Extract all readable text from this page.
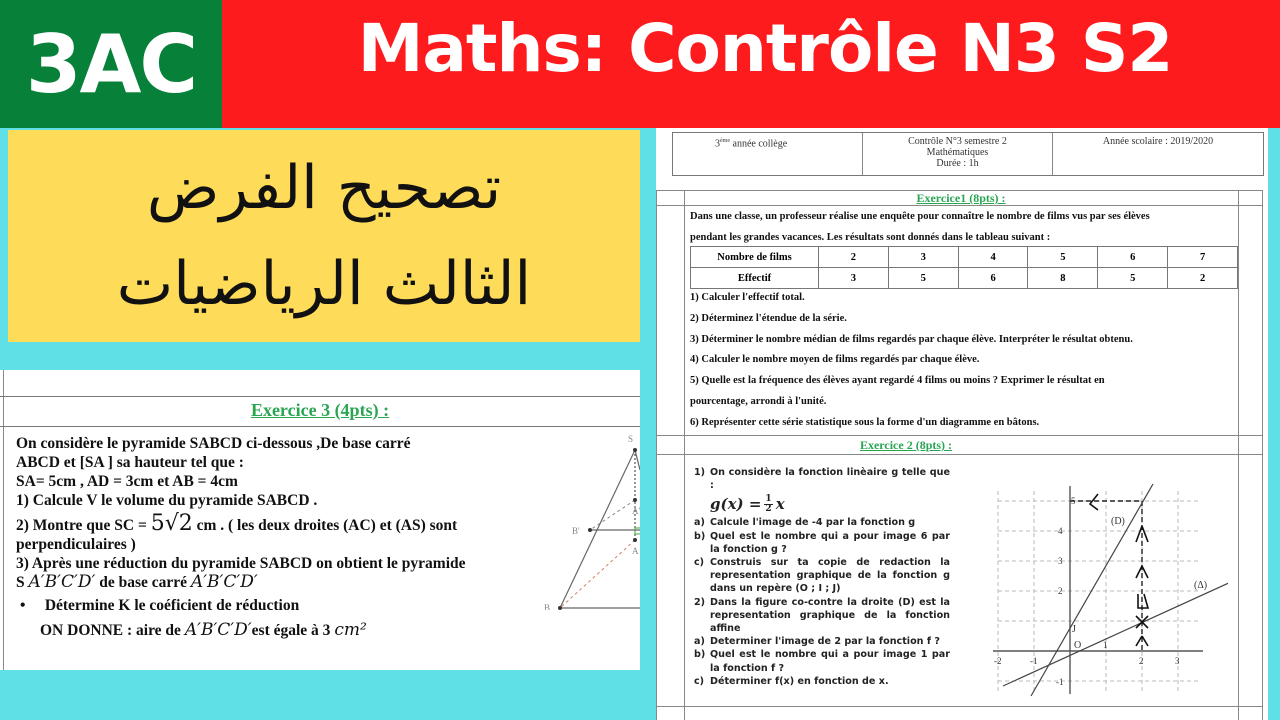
3AC	Maths: Contrôle N3 S2
تصحيح الفرض
الثالث الرياضيات
Exercice 3 (4pts) :
On considère le pyramide SABCD ci-dessous ,De base carré
ABCD et [SA ] sa hauteur tel que :
SA= 5cm , AD = 3cm et AB = 4cm
1) Calcule V le volume du pyramide SABCD .
2) Montre que SC = 5√2 cm . ( les deux droites (AC) et (AS) sont
perpendiculaires )
3) Après une réduction du pyramide SABCD on obtient le pyramide
S A′B′C′D′ de base carré A′B′C′D′
•     Détermine K le coéficient de réduction
ON DONNE : aire de A′B′C′D′est égale à 3 cm²
S
A'
B'
A
B
3ème année collège	Contrôle N°3 semestre 2
Mathématiques
Durée : 1h
Année scolaire : 2019/2020
Exercice1 (8pts) :
Dans une classe, un professeur réalise une enquête pour connaître le nombre de films vus par ses élèves
pendant les grandes vacances. Les résultats sont donnés dans le tableau suivant :
Nombre de films	2	3	4	5	6	7
Effectif	3	5	6	8	5	2
1) Calculer l'effectif total.
2) Déterminez l'étendue de la série.
3) Déterminer le nombre médian de films regardés par chaque élève. Interpréter le résultat obtenu.
4) Calculer le nombre moyen de films regardés par chaque élève.
5) Quelle est la fréquence des élèves ayant regardé 4 films ou moins ? Exprimer le résultat en
pourcentage, arrondi à l'unité.
6) Représenter cette série statistique sous la forme d'un diagramme en bâtons.
Exercice 2 (8pts) :
1) On considère la fonction linèaire g telle que :
$g(x) = \frac{1}{2}$ x
a) Calcule l'image de -4 par la fonction g
b) Quel est le nombre qui a pour image 6 par la fonction g ?
c) Construis sur ta copie de redaction la representation graphique de la fonction g dans un repère (O ; I ; J)
2) Dans la figure co-contre la droite (D) est la representation graphique de la fonction affine
a) Determiner l'image de 2 par la fonction f ?
b) Quel est le nombre qui a pour image 1 par la fonction f ?
c) Déterminer f(x) en fonction de x.
5
4
3
2
-1
-2	-1
1
2	3
O
J
(D)
(Δ)
